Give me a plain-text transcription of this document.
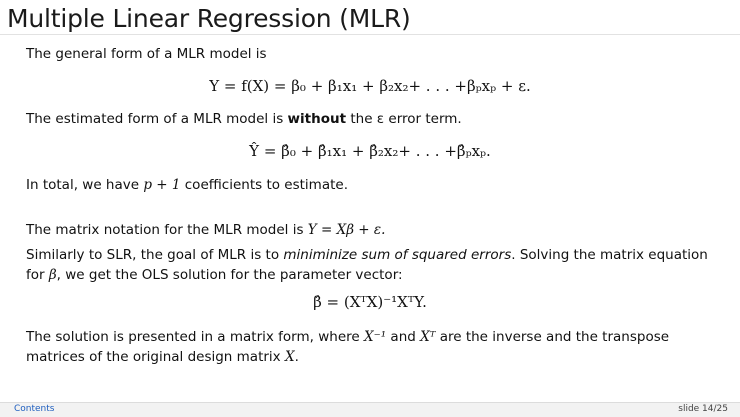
Multiple Linear Regression (MLR)
The general form of a MLR model is
Y = f(X) = β₀ + β₁x₁ + β₂x₂+ . . . +βₚxₚ + ε.
The estimated form of a MLR model is without the ε error term.
Ŷ = β̂₀ + β̂₁x₁ + β̂₂x₂+ . . . +β̂ₚxₚ.
In total, we have p + 1 coefficients to estimate.
The matrix notation for the MLR model is Y = Xβ + ε.
Similarly to SLR, the goal of MLR is to miniminize sum of squared errors. Solving the matrix equation for β, we get the OLS solution for the parameter vector:
β̂ = (XᵀX)⁻¹XᵀY.
The solution is presented in a matrix form, where X⁻¹ and Xᵀ are the inverse and the transpose matrices of the original design matrix X.
Contents	slide 14/25
